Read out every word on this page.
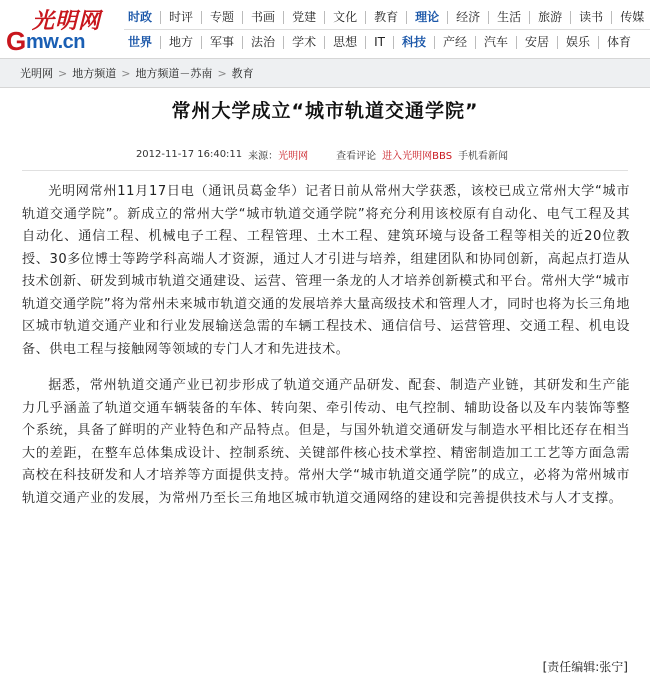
光明网
G mw.cn
时政	时评	专题	书画	党建	文化	教育	理论	经济	生活	旅游	读书	传媒
世界	地方	军事	法治	学术	思想	IT	科技	产经	汽车	安居	娱乐	体育
光明网 > 地方频道 > 地方频道－苏南 > 教育
常州大学成立“城市轨道交通学院”
2012-11-17 16:40:11 来源： 光明网	查看评论 进入光明网BBS 手机看新闻

光明网常州11月17日电（通讯员葛金华）记者日前从常州大学获悉，该校已成立常州大学“城市轨道交通学院”。新成立的常州大学“城市轨道交通学院”将充分利用该校原有自动化、电气工程及其自动化、通信工程、机械电子工程、工程管理、土木工程、建筑环境与设备工程等相关的近20位教授、30多位博士等跨学科高端人才资源，通过人才引进与培养，组建团队和协同创新，高起点打造从技术创新、研发到城市轨道交通建设、运营、管理一条龙的人才培养创新模式和平台。常州大学“城市轨道交通学院”将为常州未来城市轨道交通的发展培养大量高级技术和管理人才，同时也将为长三角地区城市轨道交通产业和行业发展输送急需的车辆工程技术、通信信号、运营管理、交通工程、机电设备、供电工程与接触网等领域的专门人才和先进技术。

据悉，常州轨道交通产业已初步形成了轨道交通产品研发、配套、制造产业链，其研发和生产能力几乎涵盖了轨道交通车辆装备的车体、转向架、牵引传动、电气控制、辅助设备以及车内装饰等整个系统，具备了鲜明的产业特色和产品特点。但是，与国外轨道交通研发与制造水平相比还存在相当大的差距，在整车总体集成设计、控制系统、关键部件核心技术掌控、精密制造加工工艺等方面急需高校在科技研发和人才培养等方面提供支持。常州大学“城市轨道交通学院”的成立，必将为常州城市轨道交通产业的发展，为常州乃至长三角地区城市轨道交通网络的建设和完善提供技术与人才支撑。

[责任编辑:张宁]
